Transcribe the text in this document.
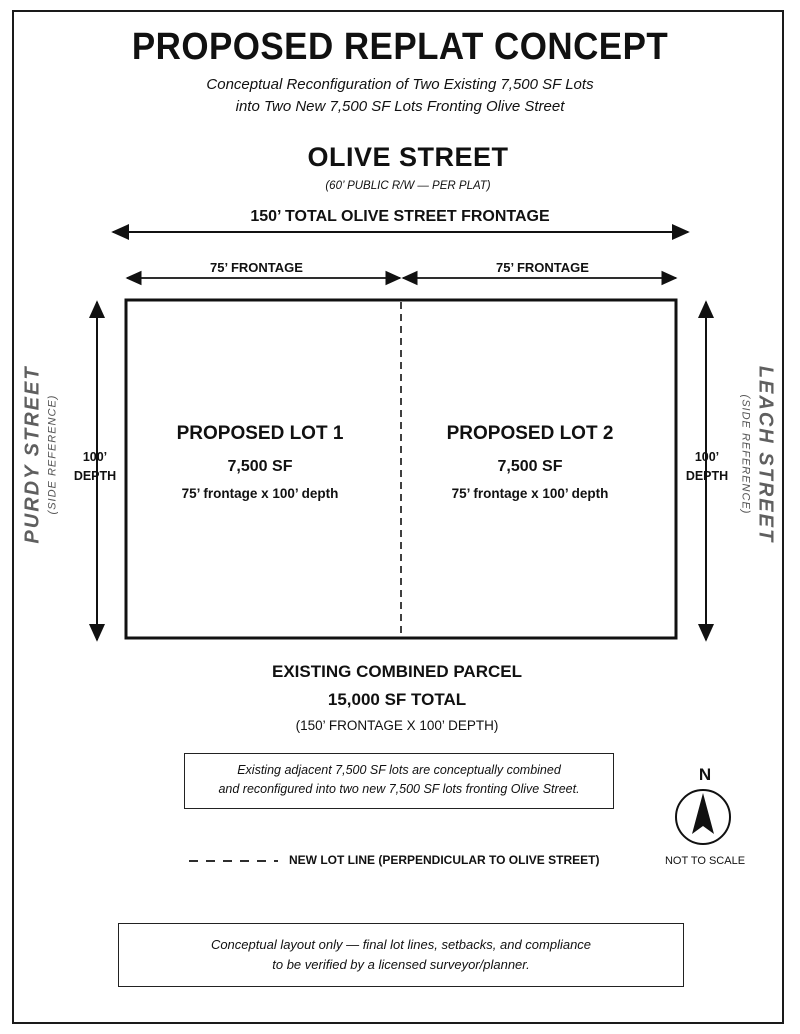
PROPOSED REPLAT CONCEPT
Conceptual Reconfiguration of Two Existing 7,500 SF Lots
into Two New 7,500 SF Lots Fronting Olive Street
OLIVE STREET
(60’ PUBLIC R/W — PER PLAT)
150’ TOTAL OLIVE STREET FRONTAGE
75’ FRONTAGE	75’ FRONTAGE
100’
DEPTH
100’
DEPTH
PROPOSED LOT 1
7,500 SF
75’ frontage x 100’ depth
PROPOSED LOT 2
7,500 SF
75’ frontage x 100’ depth
PURDY STREET (SIDE REFERENCE)	LEACH STREET
(SIDE REFERENCE)
EXISTING COMBINED PARCEL
15,000 SF TOTAL
(150’ FRONTAGE X 100’ DEPTH)
Existing adjacent 7,500 SF lots are conceptually combined
and reconfigured into two new 7,500 SF lots fronting Olive Street.
N
NOT TO SCALE
NEW LOT LINE (PERPENDICULAR TO OLIVE STREET)
Conceptual layout only — final lot lines, setbacks, and compliance
to be verified by a licensed surveyor/planner.
